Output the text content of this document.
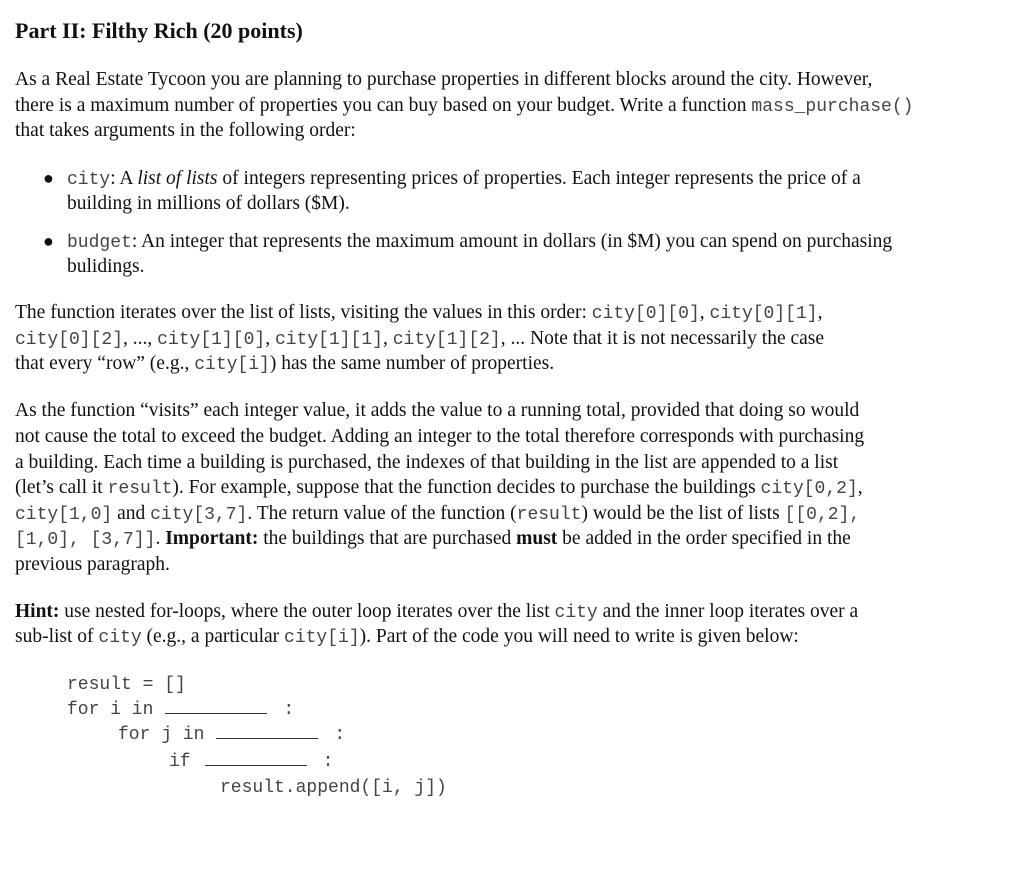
Part II: Filthy Rich (20 points)
As a Real Estate Tycoon you are planning to purchase properties in different blocks around the city. However,
there is a maximum number of properties you can buy based on your budget. Write a function mass_purchase()
that takes arguments in the following order:
● city: A list of lists of integers representing prices of properties. Each integer represents the price of a
building in millions of dollars ($M).
● budget: An integer that represents the maximum amount in dollars (in $M) you can spend on purchasing
bulidings.
The function iterates over the list of lists, visiting the values in this order: city[0][0], city[0][1],
city[0][2], ..., city[1][0], city[1][1], city[1][2], ... Note that it is not necessarily the case
that every “row” (e.g., city[i]) has the same number of properties.
As the function “visits” each integer value, it adds the value to a running total, provided that doing so would
not cause the total to exceed the budget. Adding an integer to the total therefore corresponds with purchasing
a building. Each time a building is purchased, the indexes of that building in the list are appended to a list
(let’s call it result). For example, suppose that the function decides to purchase the buildings city[0,2],
city[1,0] and city[3,7]. The return value of the function (result) would be the list of lists [[0,2],
[1,0], [3,7]]. Important: the buildings that are purchased must be added in the order specified in the
previous paragraph.
Hint: use nested for-loops, where the outer loop iterates over the list city and the inner loop iterates over a
sub-list of city (e.g., a particular city[i]). Part of the code you will need to write is given below:
result = []
for i in	:
for j in	:
if	:
result.append([i, j])
